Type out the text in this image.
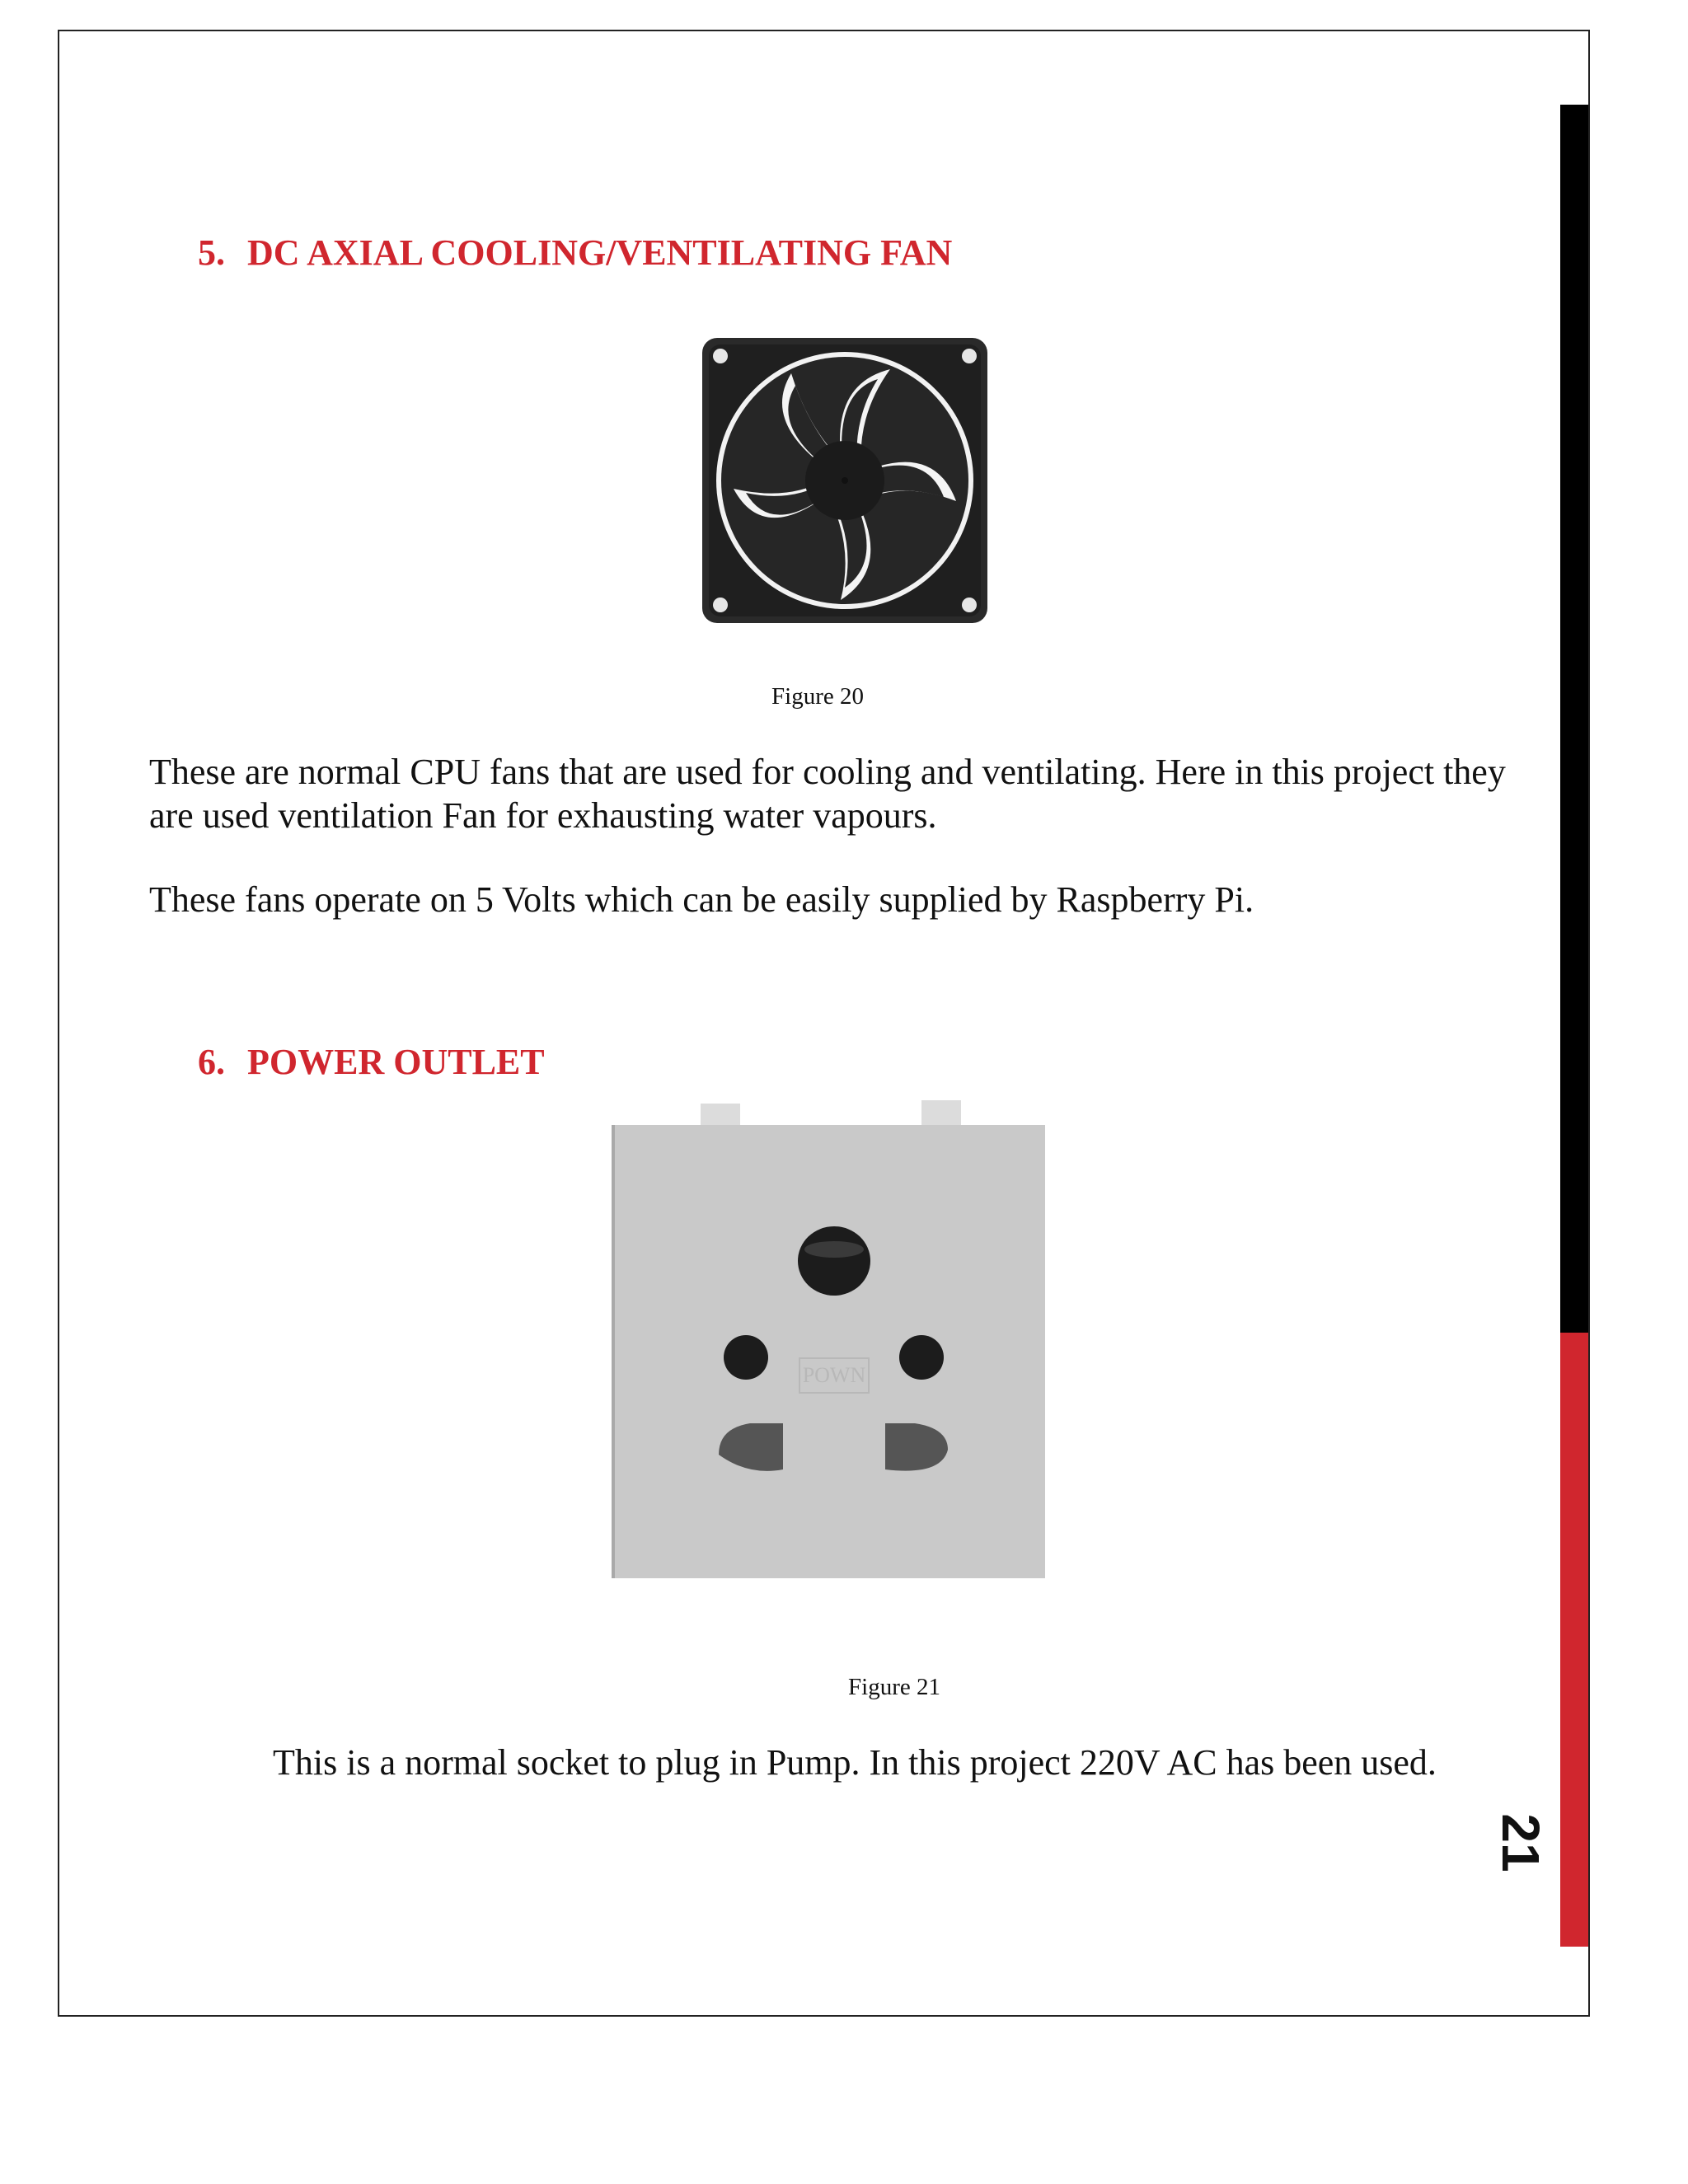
5. DC AXIAL COOLING/VENTILATING FAN
Figure 20

These are normal CPU fans that are used for cooling and ventilating. Here in this project they are used ventilation Fan for exhausting water vapours.

These fans operate on 5 Volts which can be easily supplied by Raspberry Pi.

6. POWER OUTLET
POWN
Figure 21

This is a normal socket to plug in Pump. In this project 220V AC has been used.

21
